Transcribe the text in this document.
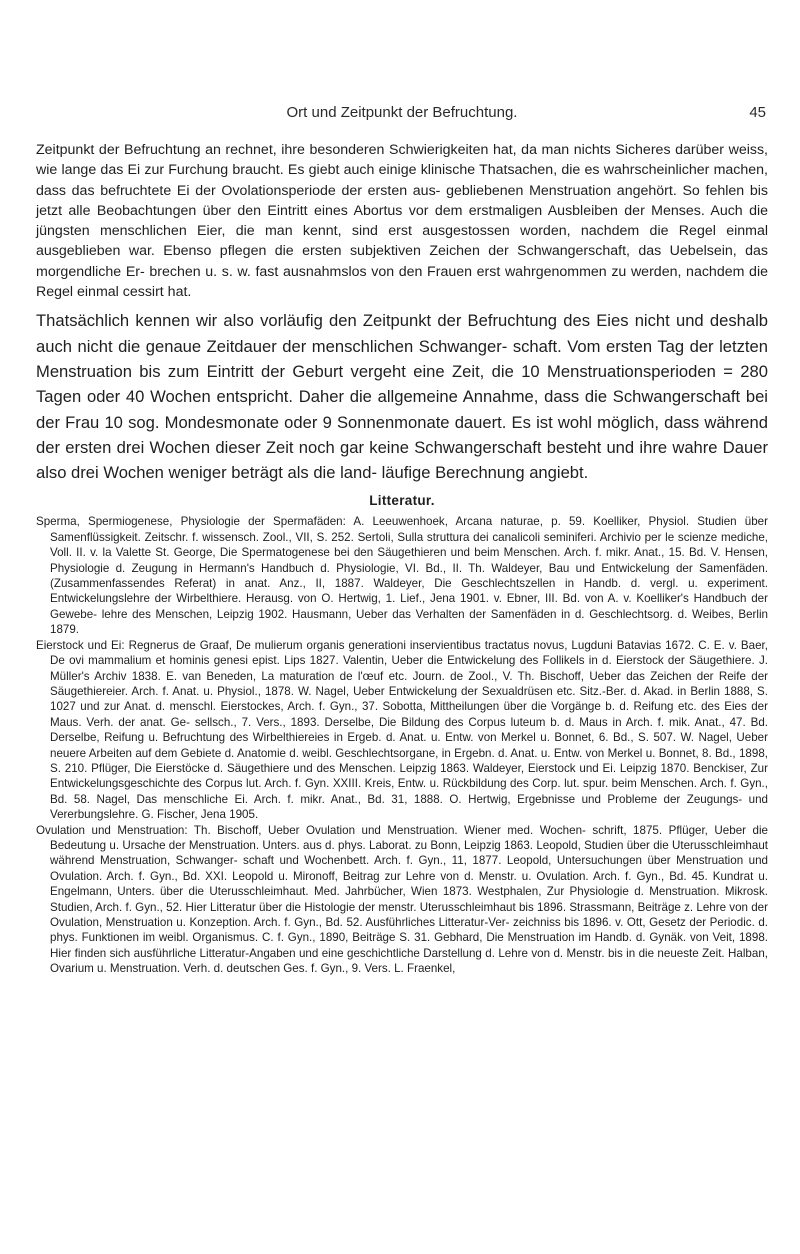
Ort und Zeitpunkt der Befruchtung.	45

Zeitpunkt der Befruchtung an rechnet, ihre besonderen Schwierigkeiten hat, da man nichts Sicheres darüber weiss, wie lange das Ei zur Furchung braucht. Es giebt auch einige klinische Thatsachen, die es wahrscheinlicher machen, dass das befruchtete Ei der Ovolationsperiode der ersten aus- gebliebenen Menstruation angehört. So fehlen bis jetzt alle Beobachtungen über den Eintritt eines Abortus vor dem erstmaligen Ausbleiben der Menses. Auch die jüngsten menschlichen Eier, die man kennt, sind erst ausgestossen worden, nachdem die Regel einmal ausgeblieben war. Ebenso pflegen die ersten subjektiven Zeichen der Schwangerschaft, das Uebelsein, das morgendliche Er- brechen u. s. w. fast ausnahmslos von den Frauen erst wahrgenommen zu werden, nachdem die Regel einmal cessirt hat.

Thatsächlich kennen wir also vorläufig den Zeitpunkt der Befruchtung des Eies nicht und deshalb auch nicht die genaue Zeitdauer der menschlichen Schwanger- schaft. Vom ersten Tag der letzten Menstruation bis zum Eintritt der Geburt vergeht eine Zeit, die 10 Menstruationsperioden = 280 Tagen oder 40 Wochen entspricht. Daher die allgemeine Annahme, dass die Schwangerschaft bei der Frau 10 sog. Mondesmonate oder 9 Sonnenmonate dauert. Es ist wohl möglich, dass während der ersten drei Wochen dieser Zeit noch gar keine Schwangerschaft besteht und ihre wahre Dauer also drei Wochen weniger beträgt als die land- läufige Berechnung angiebt.

Litteratur.

Sperma, Spermiogenese, Physiologie der Spermafäden: A. Leeuwenhoek, Arcana naturae, p. 59. Koelliker, Physiol. Studien über Samenflüssigkeit. Zeitschr. f. wissensch. Zool., VII, S. 252. Sertoli, Sulla struttura dei canalicoli seminiferi. Archivio per le scienze mediche, Voll. II. v. la Valette St. George, Die Spermatogenese bei den Säugethieren und beim Menschen. Arch. f. mikr. Anat., 15. Bd. V. Hensen, Physiologie d. Zeugung in Hermann's Handbuch d. Physiologie, VI. Bd., II. Th. Waldeyer, Bau und Entwickelung der Samenfäden. (Zusammenfassendes Referat) in anat. Anz., II, 1887. Waldeyer, Die Geschlechtszellen in Handb. d. vergl. u. experiment. Entwickelungslehre der Wirbelthiere. Herausg. von O. Hertwig, 1. Lief., Jena 1901. v. Ebner, III. Bd. von A. v. Koelliker's Handbuch der Gewebe- lehre des Menschen, Leipzig 1902. Hausmann, Ueber das Verhalten der Samenfäden in d. Geschlechtsorg. d. Weibes, Berlin 1879.

Eierstock und Ei: Regnerus de Graaf, De mulierum organis generationi inservientibus tractatus novus, Lugduni Batavias 1672. C. E. v. Baer, De ovi mammalium et hominis genesi epist. Lips 1827. Valentin, Ueber die Entwickelung des Follikels in d. Eierstock der Säugethiere. J. Müller's Archiv 1838. E. van Beneden, La maturation de l'œuf etc. Journ. de Zool., V. Th. Bischoff, Ueber das Zeichen der Reife der Säugethiereier. Arch. f. Anat. u. Physiol., 1878. W. Nagel, Ueber Entwickelung der Sexualdrüsen etc. Sitz.-Ber. d. Akad. in Berlin 1888, S. 1027 und zur Anat. d. menschl. Eierstockes, Arch. f. Gyn., 37. Sobotta, Mittheilungen über die Vorgänge b. d. Reifung etc. des Eies der Maus. Verh. der anat. Ge- sellsch., 7. Vers., 1893. Derselbe, Die Bildung des Corpus luteum b. d. Maus in Arch. f. mik. Anat., 47. Bd. Derselbe, Reifung u. Befruchtung des Wirbelthiereies in Ergeb. d. Anat. u. Entw. von Merkel u. Bonnet, 6. Bd., S. 507. W. Nagel, Ueber neuere Arbeiten auf dem Gebiete d. Anatomie d. weibl. Geschlechtsorgane, in Ergebn. d. Anat. u. Entw. von Merkel u. Bonnet, 8. Bd., 1898, S. 210. Pflüger, Die Eierstöcke d. Säugethiere und des Menschen. Leipzig 1863. Waldeyer, Eierstock und Ei. Leipzig 1870. Benckiser, Zur Entwickelungsgeschichte des Corpus lut. Arch. f. Gyn. XXIII. Kreis, Entw. u. Rückbildung des Corp. lut. spur. beim Menschen. Arch. f. Gyn., Bd. 58. Nagel, Das menschliche Ei. Arch. f. mikr. Anat., Bd. 31, 1888. O. Hertwig, Ergebnisse und Probleme der Zeugungs- und Vererbungslehre. G. Fischer, Jena 1905.

Ovulation und Menstruation: Th. Bischoff, Ueber Ovulation und Menstruation. Wiener med. Wochen- schrift, 1875. Pflüger, Ueber die Bedeutung u. Ursache der Menstruation. Unters. aus d. phys. Laborat. zu Bonn, Leipzig 1863. Leopold, Studien über die Uterusschleimhaut während Menstruation, Schwanger- schaft und Wochenbett. Arch. f. Gyn., 11, 1877. Leopold, Untersuchungen über Menstruation und Ovulation. Arch. f. Gyn., Bd. XXI. Leopold u. Mironoff, Beitrag zur Lehre von d. Menstr. u. Ovulation. Arch. f. Gyn., Bd. 45. Kundrat u. Engelmann, Unters. über die Uterusschleimhaut. Med. Jahrbücher, Wien 1873. Westphalen, Zur Physiologie d. Menstruation. Mikrosk. Studien, Arch. f. Gyn., 52. Hier Litteratur über die Histologie der menstr. Uterusschleimhaut bis 1896. Strassmann, Beiträge z. Lehre von der Ovulation, Menstruation u. Konzeption. Arch. f. Gyn., Bd. 52. Ausführliches Litteratur-Ver- zeichniss bis 1896. v. Ott, Gesetz der Periodic. d. phys. Funktionen im weibl. Organismus. C. f. Gyn., 1890, Beiträge S. 31. Gebhard, Die Menstruation im Handb. d. Gynäk. von Veit, 1898. Hier finden sich ausführliche Litteratur-Angaben und eine geschichtliche Darstellung d. Lehre von d. Menstr. bis in die neueste Zeit. Halban, Ovarium u. Menstruation. Verh. d. deutschen Ges. f. Gyn., 9. Vers. L. Fraenkel,
